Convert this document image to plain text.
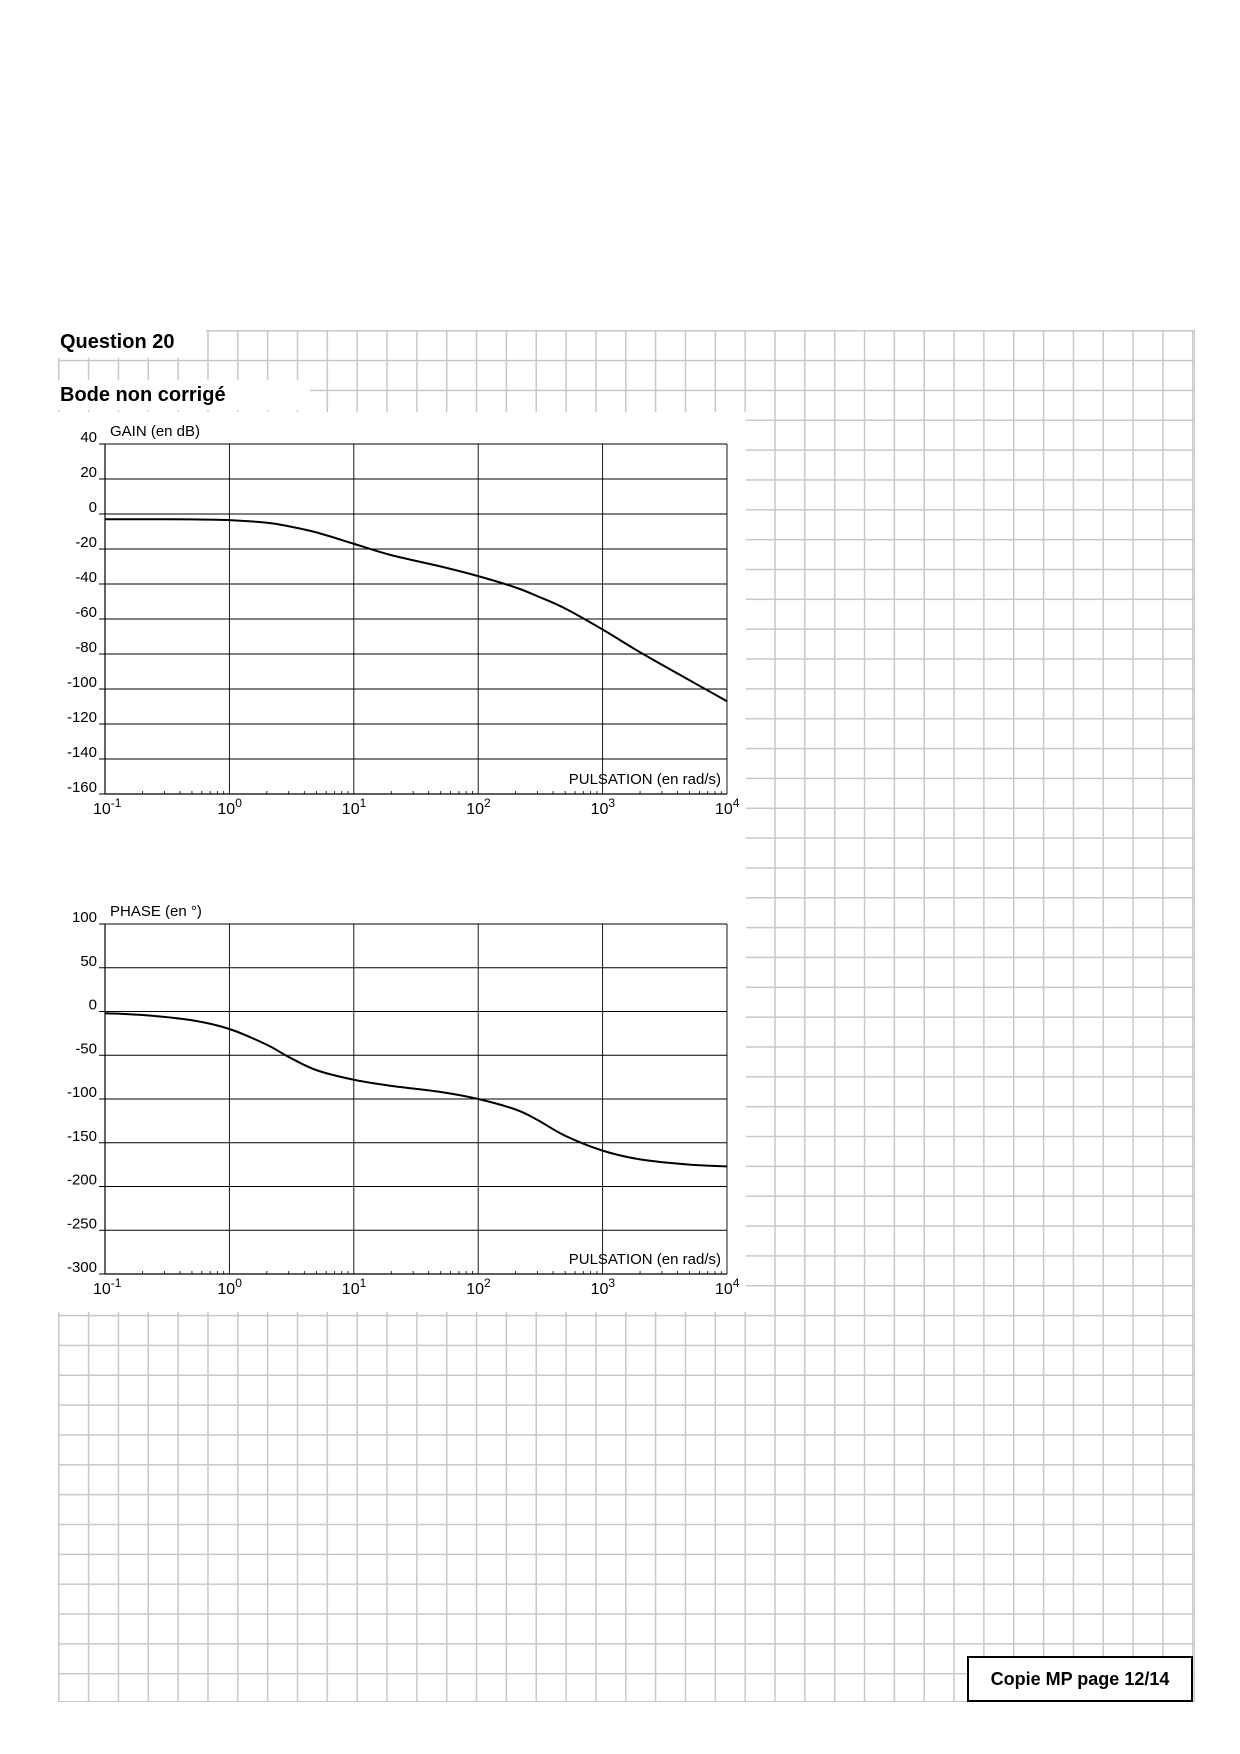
Question 20
Bode non corrigé
40
20
0
-20
-40
-60
-80
-100
-120
-140
-160
$10^{-1}$	$10^0$	$10^1$	$10^2$	$10^3$	$10^4$
GAIN (en dB)
PULSATION (en rad/s)
100
50
0
-50
-100
-150
-200
-250
-300
$10^{-1}$	$10^0$	$10^1$	$10^2$	$10^3$	$10^4$
PHASE (en °)
PULSATION (en rad/s)
Copie MP page 12/14
